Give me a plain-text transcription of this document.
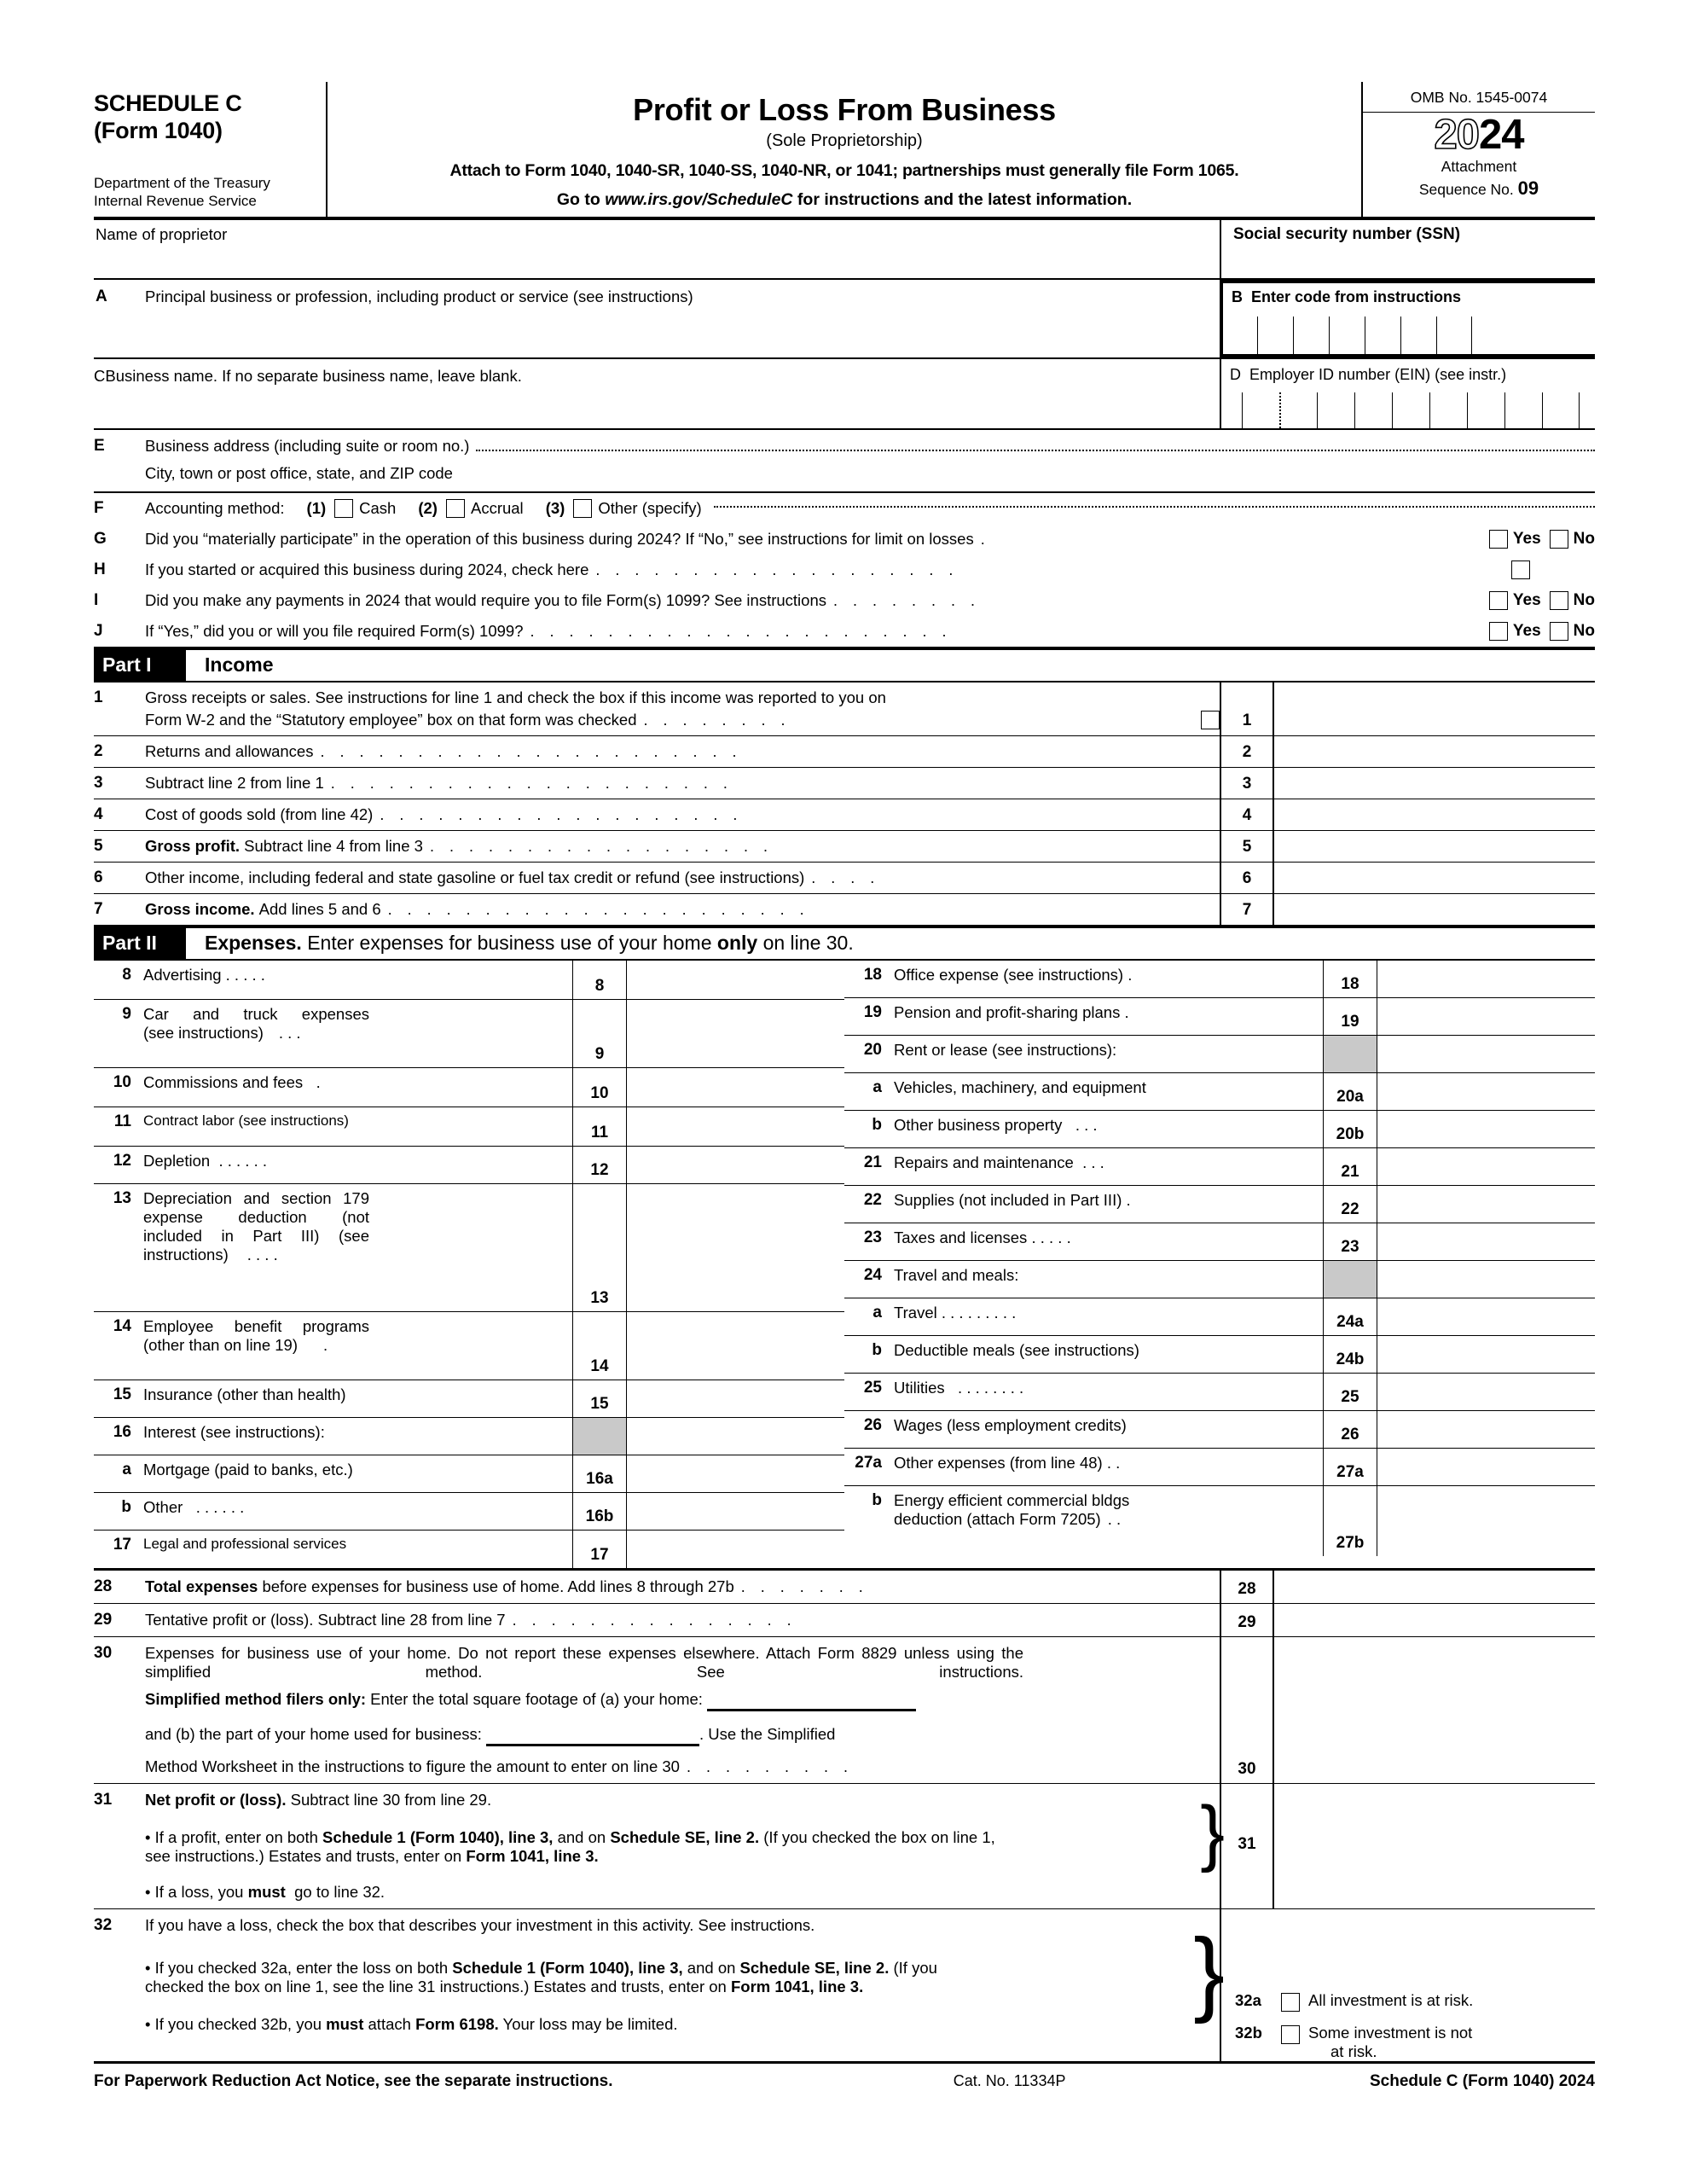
SCHEDULE C
(Form 1040)
Department of the Treasury
Internal Revenue Service
Profit or Loss From Business
(Sole Proprietorship)
Attach to Form 1040, 1040-SR, 1040-SS, 1040-NR, or 1041; partnerships must generally file Form 1065.
Go to www.irs.gov/ScheduleC for instructions and the latest information.
OMB No. 1545-0074
2024
Attachment
Sequence No. 09
Name of proprietor	Social security number (SSN)
A	Principal business or profession, including product or service (see instructions)	B Enter code from instructions
C Business name. If no separate business name, leave blank.	D Employer ID number (EIN) (see instr.)
E	Business address (including suite or room no.)
City, town or post office, state, and ZIP code
F	Accounting method: (1) Cash (2) Accrual (3) Other (specify)
G	Did you “materially participate” in the operation of this business during 2024? If “No,” see instructions for limit on losses .	Yes No
H	If you started or acquired this business during 2024, check here . . . . . . . . . . . . . . . . . . .
I	Did you make any payments in 2024 that would require you to file Form(s) 1099? See instructions . . . . . . . .	Yes No
J	If “Yes,” did you or will you file required Form(s) 1099? . . . . . . . . . . . . . . . . . . . . . .	Yes No
Part I	Income
1	Gross receipts or sales. See instructions for line 1 and check the box if this income was reported to you on
Form W-2 and the “Statutory employee” box on that form was checked . . . . . . . .	1
2	Returns and allowances . . . . . . . . . . . . . . . . . . . . . .	2
3	Subtract line 2 from line 1 . . . . . . . . . . . . . . . . . . . . .	3
4	Cost of goods sold (from line 42) . . . . . . . . . . . . . . . . . . .	4
5	Gross profit.
Subtract line 4 from line 3 . . . . . . . . . . . . . . . . . .	5
6	Other income, including federal and state gasoline or fuel tax credit or refund (see instructions) . . . .	6
7	Gross income.
Add lines 5 and 6 . . . . . . . . . . . . . . . . . . . . . .	7
Part II	Expenses. Enter expenses for business use of your home only on line 30.
8 Advertising . . . . .
8
9 Car and truck expenses
(see instructions) . . .
9
10 Commissions and fees .
10
11 Contract labor (see instructions)
11
12 Depletion . . . . . .
12
13 Depreciation and section 179
expense deduction (not
included in Part III) (see
instructions) . . . .
13
14 Employee benefit programs
(other than on line 19) .
14
15 Insurance (other than health)
15
16 Interest (see instructions):
a Mortgage (paid to banks, etc.)
16a
b Other . . . . . .
16b
17 Legal and professional services
17
18 Office expense (see instructions) .
18
19 Pension and profit-sharing plans .
19
20 Rent or lease (see instructions):
a Vehicles, machinery, and equipment
20a
b Other business property . . .
20b
21 Repairs and maintenance . . .
21
22 Supplies (not included in Part III) .
22
23 Taxes and licenses . . . . .
23
24 Travel and meals:
a Travel . . . . . . . . .
24a
b Deductible meals (see instructions)
24b
25 Utilities . . . . . . . .
25
26 Wages (less employment credits)
26
27a Other expenses (from line 48) . .
27a
b Energy efficient commercial bldgs
deduction (attach Form 7205) . .
27b
28	Total expenses
before expenses for business use of home. Add lines 8 through 27b . . . . . . .	28
29	Tentative profit or (loss). Subtract line 28 from line 7 . . . . . . . . . . . . . . .	29
30	Expenses for business use of your home. Do not report these expenses elsewhere. Attach Form 8829 unless using the simplified method. See instructions.
Simplified method filers only: Enter the total square footage of (a) your home:
and (b) the part of your home used for business:	. Use the Simplified
Method Worksheet in the instructions to figure the amount to enter on line 30 . . . . . . . . .	30
31	Net profit or (loss). Subtract line 30 from line 29.
• If a profit, enter on both Schedule 1 (Form 1040), line 3, and on Schedule SE, line 2. (If you checked the box on line 1, see instructions.) Estates and trusts, enter on Form 1041, line 3.
• If a loss, you must  go to line 32.
} 31
32	If you have a loss, check the box that describes your investment in this activity. See instructions.
• If you checked 32a, enter the loss on both Schedule 1 (Form 1040), line 3, and on Schedule SE, line 2. (If you checked the box on line 1, see the line 31 instructions.) Estates and trusts, enter on Form 1041, line 3.
• If you checked 32b, you must attach Form 6198. Your loss may be limited.	} 32a	All investment is at risk.
32b	Some investment is not
at risk.
For Paperwork Reduction Act Notice, see the separate instructions.	Cat. No. 11334P	Schedule C (Form 1040) 2024
